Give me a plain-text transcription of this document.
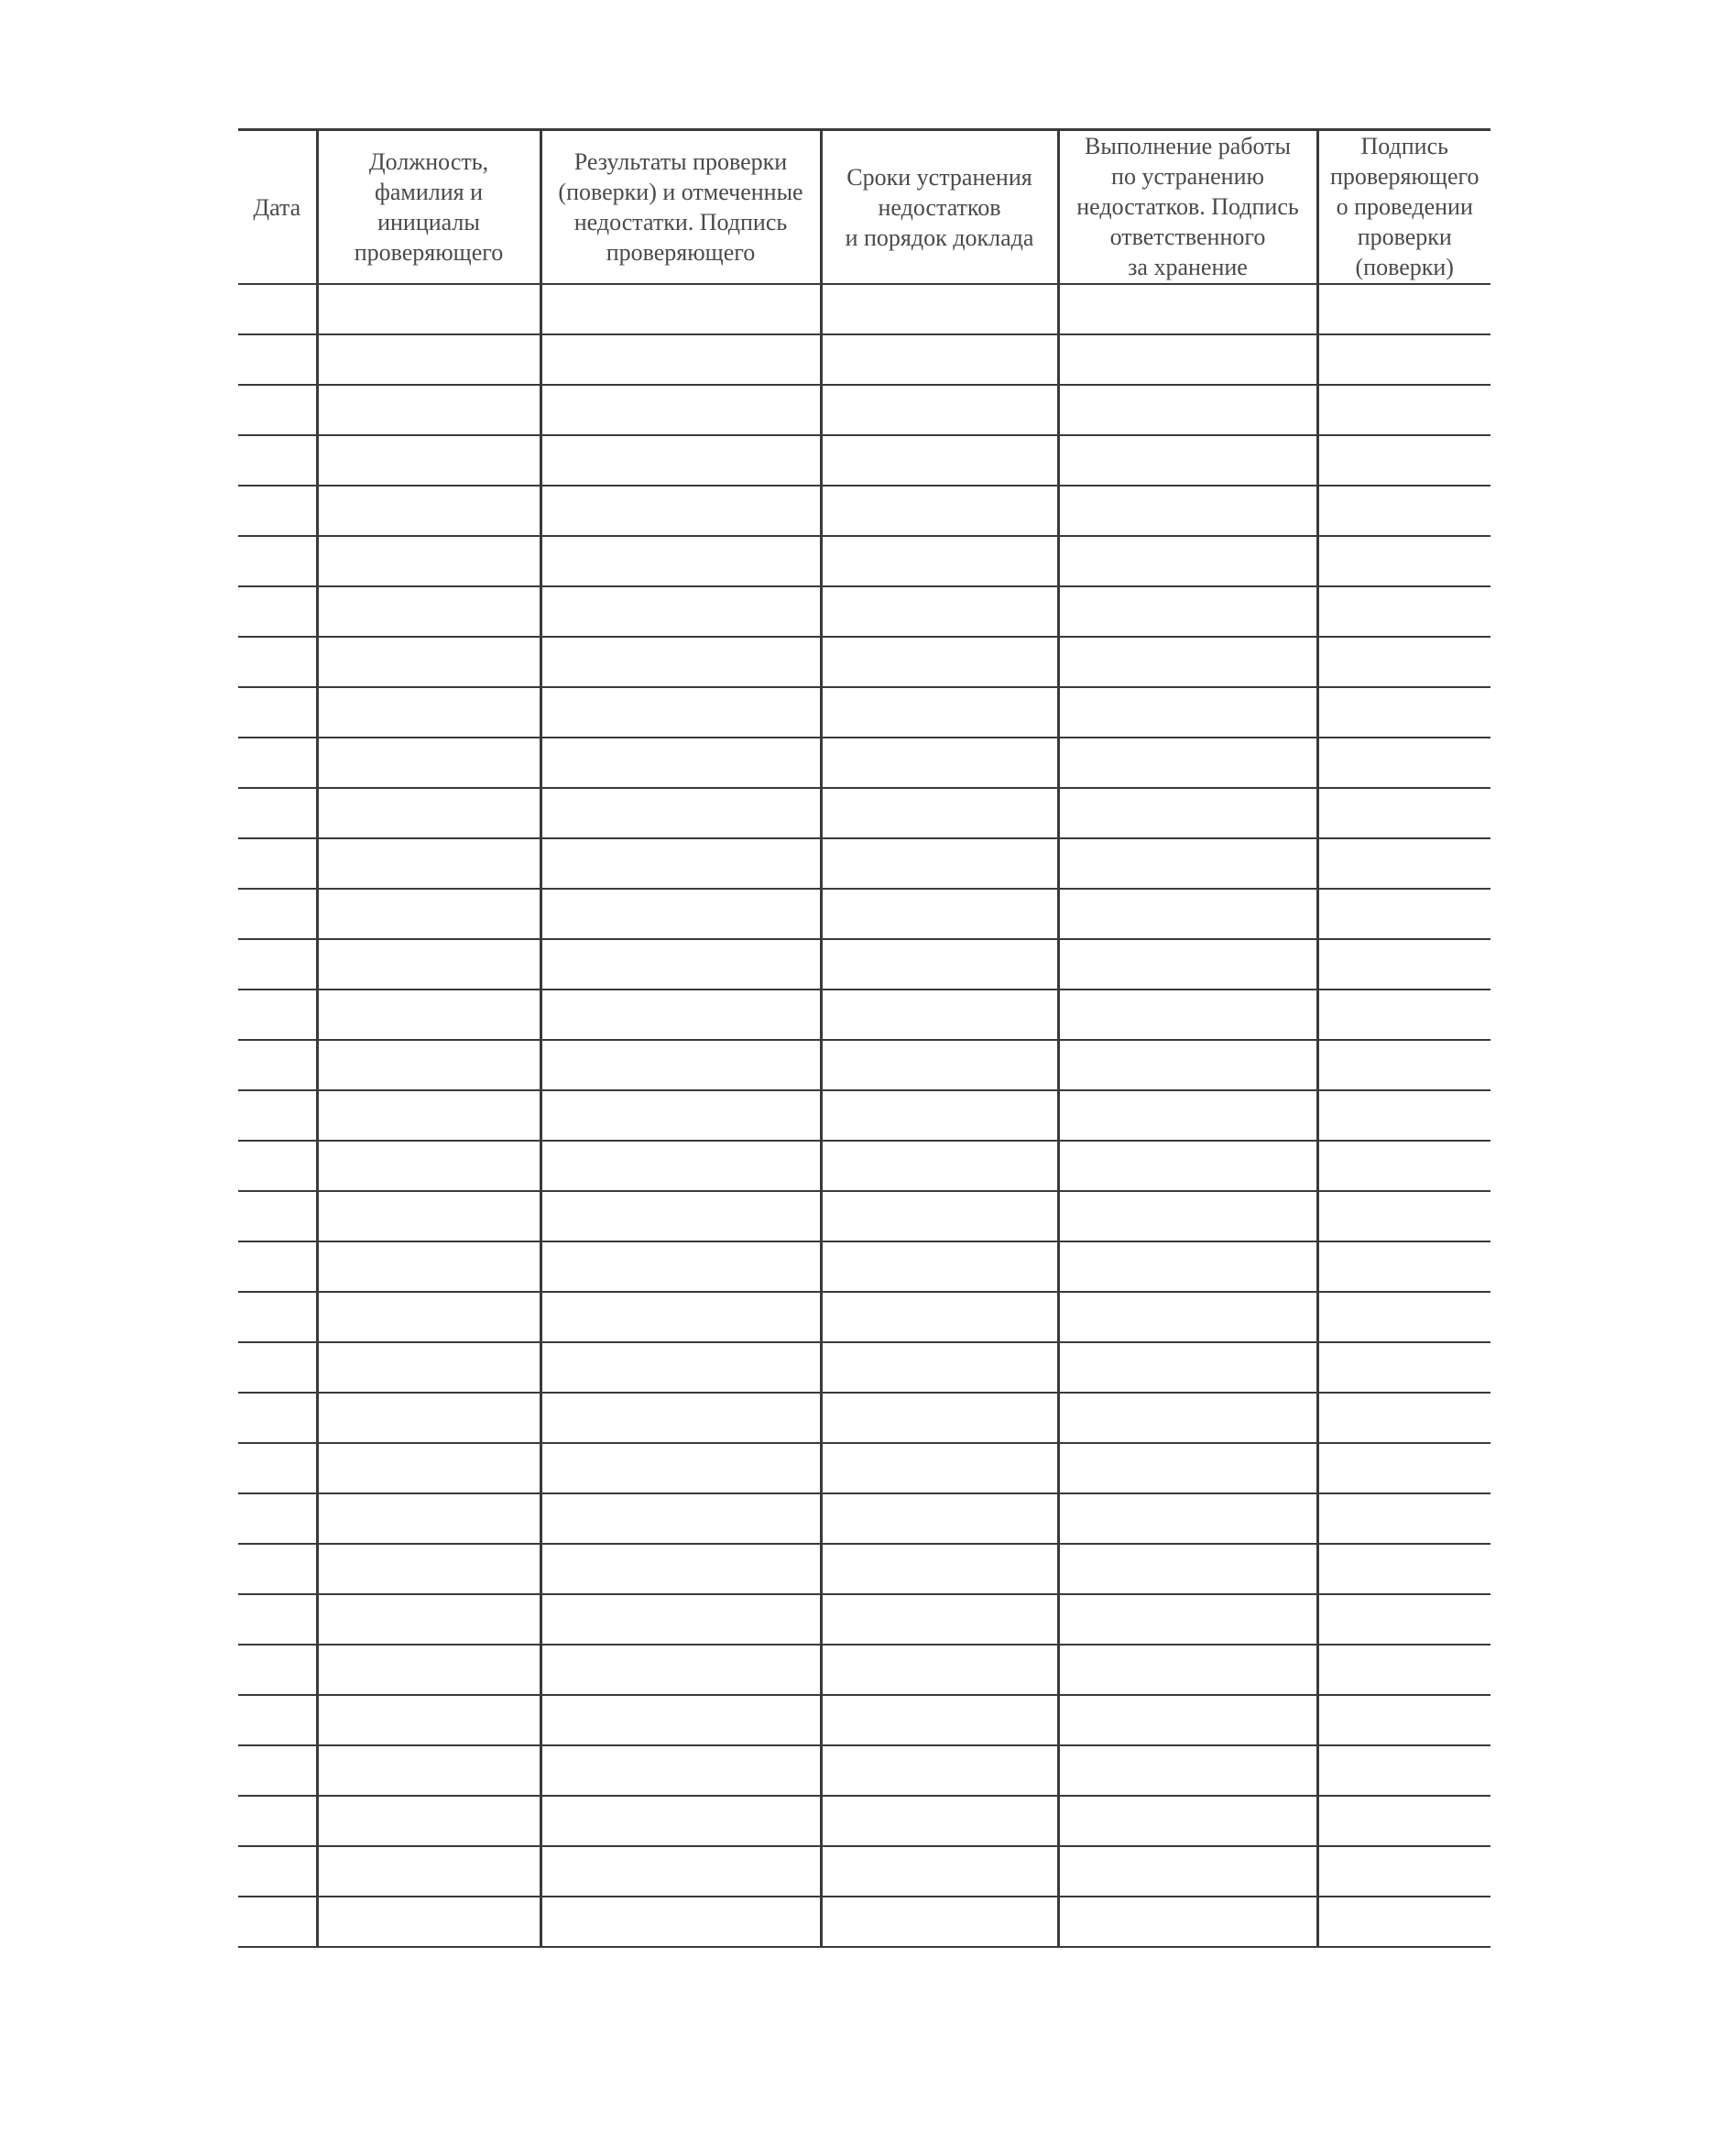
Дата	Должность,
фамилия и инициалы
проверяющего	Результаты проверки
(поверки) и отмеченные
недостатки. Подпись
проверяющего	Сроки устранения
недостатков
и порядок доклада	Выполнение работы
по устранению
недостатков. Подпись
ответственного
за хранение	Подпись
проверяющего
о проведении
проверки
(поверки)
